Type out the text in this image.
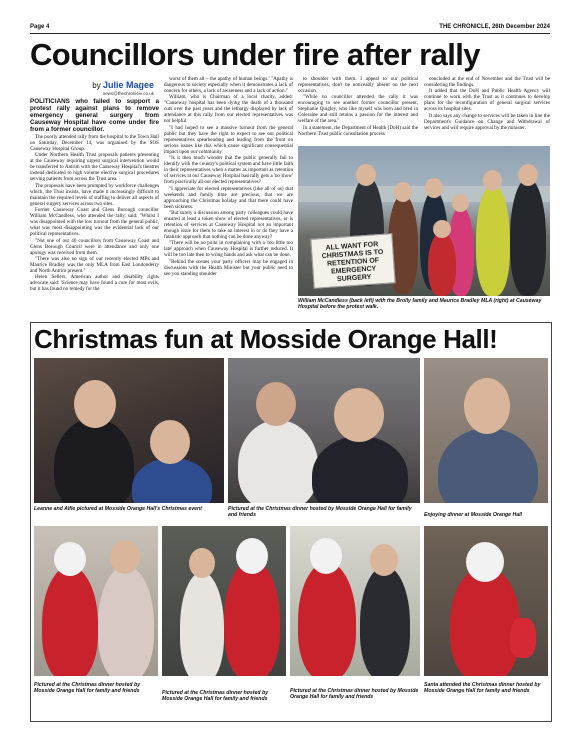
Page 4	THE CHRONICLE, 26th December 2024
Councillors under fire after rally
by Julie Magee
news@thechronicle.co.uk

POLITICIANS who failed to support a protest rally against plans to remove emergency general surgery from Causeway Hospital have come under fire from a former councillor.

The poorly attended rally from the hospital to the Town Hall on Saturday, December 14, was organised by the SOS Causeway Hospital Group.

Under Northern Health Trust proposals patients presenting at the Causeway requiring urgent surgical intervention would be transferred to Antrim with the Causeway Hospital's theatres instead dedicated to high volume elective surgical procedures serving patients from across the Trust area.

The proposals have been prompted by workforce challenges which, the Trust insists, have made it increasingly difficult to maintain the required levels of staffing to deliver all aspects of general surgery services across two sites.

Former Causeway Coast and Glens Borough councillor William McCandless, who attended the rally, said: "Whilst I was disappointed with the low turnout from the general public, what was most disappointing was the evidential lack of our political representatives.

"Not one of our 40 councillors from Causeway Coast and Glens Borough Council were in attendance and only one apology was received from them.

"There was also no sign of our recently elected MPs and Maurice Bradley was the only MLA from East Londonderry and North Antrim present."

Helen Sellers, American author and disability rights advocate said: 'Science may have found a cure for most evils, but it has found no remedy for the

worst of them all – the apathy of human beings.' "Apathy is dangerous to society especially when it demonstrates a lack of concern for others, a lack of awareness and a lack of action."

William, who is Chairman of a local charity, added: "Causeway hospital has been dying the death of a thousand cuts over the past years and the lethargy displayed by lack of attendance at this rally from our elected representatives was not helpful.

"I had hoped to see a massive turnout from the general public but they have the right to expect to see our political representatives spearheading and leading from the front on serious issues like this which cause significant consequential impact upon our community.

"Is it then much wonder that the public generally fail to identify with the country's political system and have little faith in their representatives when a matter as important as retention of services at our Causeway Hospital basically gets a 'no show' from practically all our elected representatives?

"I appreciate for elected representatives (like all of us) that weekends and family time are precious, that we are approaching the Christmas holiday and that there could have been sickness.

"But surely a discussion among party colleagues could have ensured at least a token show of elected representatives, or is retention of services at Causeway Hospital not an important enough issue for them to take an interest in or do they have a fatalistic approach that nothing can be done anyway?

"There will be no point in complaining with a 'too little too late' approach when Causeway Hospital is further reduced. It will be too late then to wring hands and ask what can be done.

"Behind the scenes your party officers may be engaged in discussions with the Health Minister but your public need to see you standing shoulder

to shoulder with them. I appeal to our political representatives, don't be noticeably absent on the next occasion.

"While no councillor attended the rally it was encouraging to see another former councillor present, Stephanie Quigley, who like myself was born and bred in Coleraine and still retains a passion for the interest and welfare of the area."

In a statement, the Department of Health (DoH) said the Northern Trust public consultation process

concluded at the end of November and the Trust will be considering the findings.

It added that the DoH and Public Health Agency will continue to work with the Trust as it continues to develop plans for the reconfiguration of general surgical services across its hospital sites.

It also says any change to services will be taken in line the Department's Guidance on Change and Withdrawal of services and will require approval by the minister.

ALL WANT FOR CHRISTMAS IS TO RETENTION OF EMERGENCY SURGERY
William McCandless (back left) with the Brolly family and Maurice Bradley MLA (right) at Causeway Hospital before the protest walk.
Christmas fun at Mosside Orange Hall!
Leanne and Alfie pictured at Mosside Orange Hall's Christmas event	Pictured at the Christmas dinner hosted by Mosside Orange Hall for family and friends	Enjoying dinner at Mosside Orange Hall
Pictured at the Christmas dinner hosted by Mosside Orange Hall for family and friends	Pictured at the Christmas dinner hosted by Mosside Orange Hall for family and friends
Pictured at the Christmas dinner hosted by Mosside Orange Hall for family and friends
Santa attended the Christmas dinner hosted by Mosside Orange Hall for family and friends
